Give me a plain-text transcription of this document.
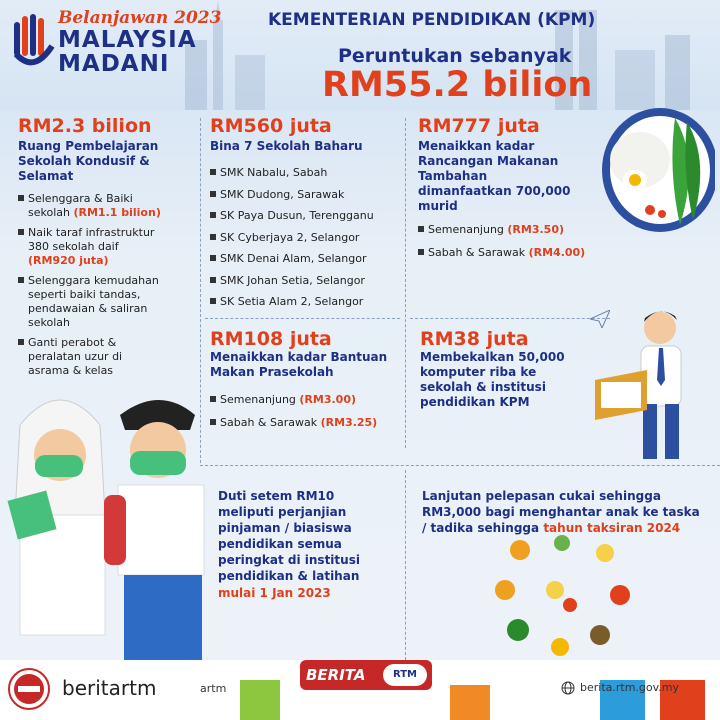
Belanjawan 2023
MALAYSIA
MADANI
KEMENTERIAN PENDIDIKAN (KPM)
Peruntukan sebanyak
RM55.2 bilion
RM2.3 bilion
Ruang Pembelajaran
Sekolah Kondusif &
Selamat
Selenggara & Baiki
sekolah (RM1.1 bilion)
Naik taraf infrastruktur
380 sekolah daif
(RM920 juta)
Selenggara kemudahan
seperti baiki tandas,
pendawaian & saliran
sekolah
Ganti perabot &
peralatan uzur di
asrama & kelas
RM560 juta
Bina 7 Sekolah Baharu
SMK Nabalu, Sabah
SMK Dudong, Sarawak
SK Paya Dusun, Terengganu
SK Cyberjaya 2, Selangor
SMK Denai Alam, Selangor
SMK Johan Setia, Selangor
SK Setia Alam 2, Selangor
RM777 juta
Menaikkan kadar
Rancangan Makanan
Tambahan
dimanfaatkan 700,000
murid
Semenanjung (RM3.50)
Sabah & Sarawak (RM4.00)
RM108 juta
Menaikkan kadar Bantuan
Makan Prasekolah
Semenanjung (RM3.00)
Sabah & Sarawak (RM3.25)
RM38 juta
Membekalkan 50,000
komputer riba ke
sekolah & institusi
pendidikan KPM
Duti setem RM10
meliputi perjanjian
pinjaman / biasiswa
pendidikan semua
peringkat di institusi
pendidikan & latihan
mulai 1 Jan 2023
Lanjutan pelepasan cukai sehingga
RM3,000 bagi menghantar anak ke taska
/ tadika sehingga tahun taksiran 2024
beritartm	artm
BERITA	RTM
berita.rtm.gov.my
